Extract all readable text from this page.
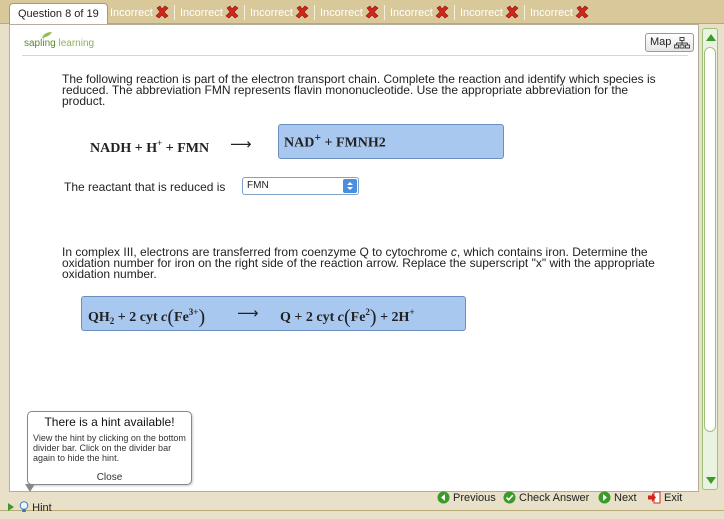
Question 8 of 19	Incorrect	Incorrect	Incorrect	Incorrect	Incorrect	Incorrect	Incorrect
sapling learning	Map
The following reaction is part of the electron transport chain. Complete the reaction and identify which species is reduced. The abbreviation FMN represents flavin mononucleotide. Use the appropriate abbreviation for the product.
NADH + H+ + FMN ⟶	NAD+ + FMNH2
The reactant that is reduced is	FMN
In complex III, electrons are transferred from coenzyme Q to cytochrome c, which contains iron. Determine the oxidation number for iron on the right side of the reaction arrow. Replace the superscript "x" with the appropriate oxidation number.
$QH_2 + 2$ cyt $c(Fe^{3+})$ ⟶ Q + 2 cyt $c(Fe^2) + 2H^+$
There is a hint available!
View the hint by clicking on the bottom divider bar. Click on the divider bar again to hide the hint.
Close
Hint
Previous	Check Answer	Next	Exit
